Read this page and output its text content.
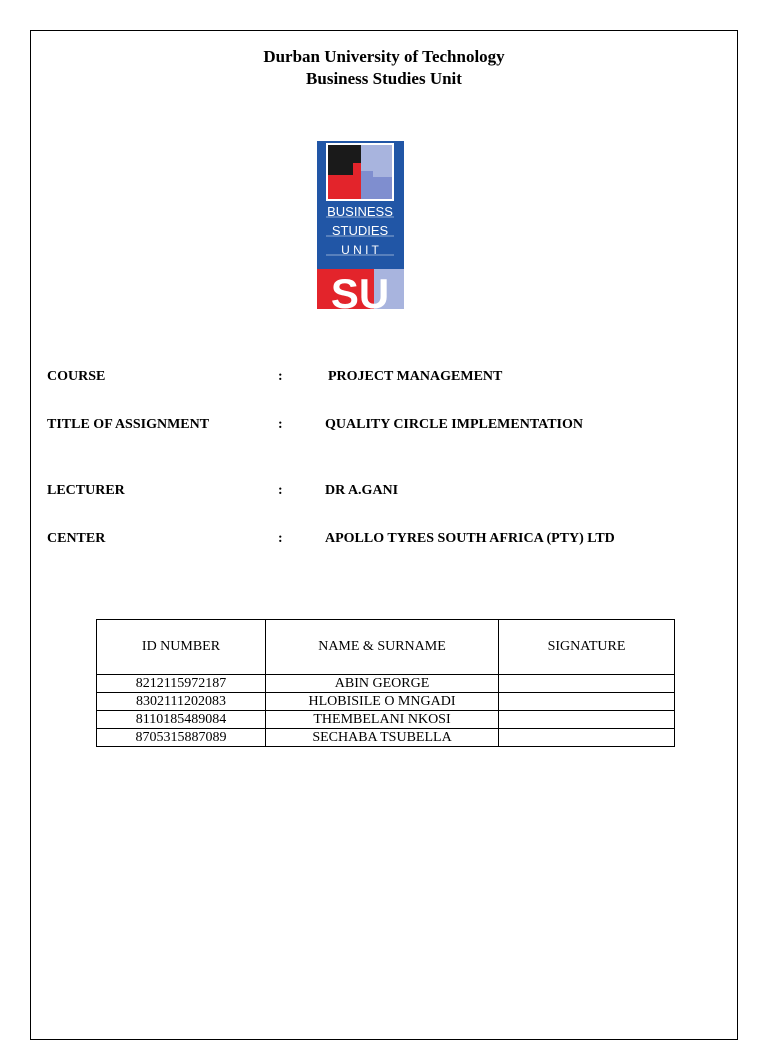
Durban University of Technology
Business Studies Unit
BUSINESS
STUDIES
U N I T
SU
COURSE	:	PROJECT MANAGEMENT
TITLE OF ASSIGNMENT	:	QUALITY CIRCLE IMPLEMENTATION
LECTURER	:	DR A.GANI
CENTER	:	APOLLO TYRES SOUTH AFRICA (PTY) LTD
ID NUMBER	NAME & SURNAME	SIGNATURE
8212115972187	ABIN GEORGE	
8302111202083	HLOBISILE O MNGADI	
8110185489084	THEMBELANI NKOSI	
8705315887089	SECHABA TSUBELLA	
